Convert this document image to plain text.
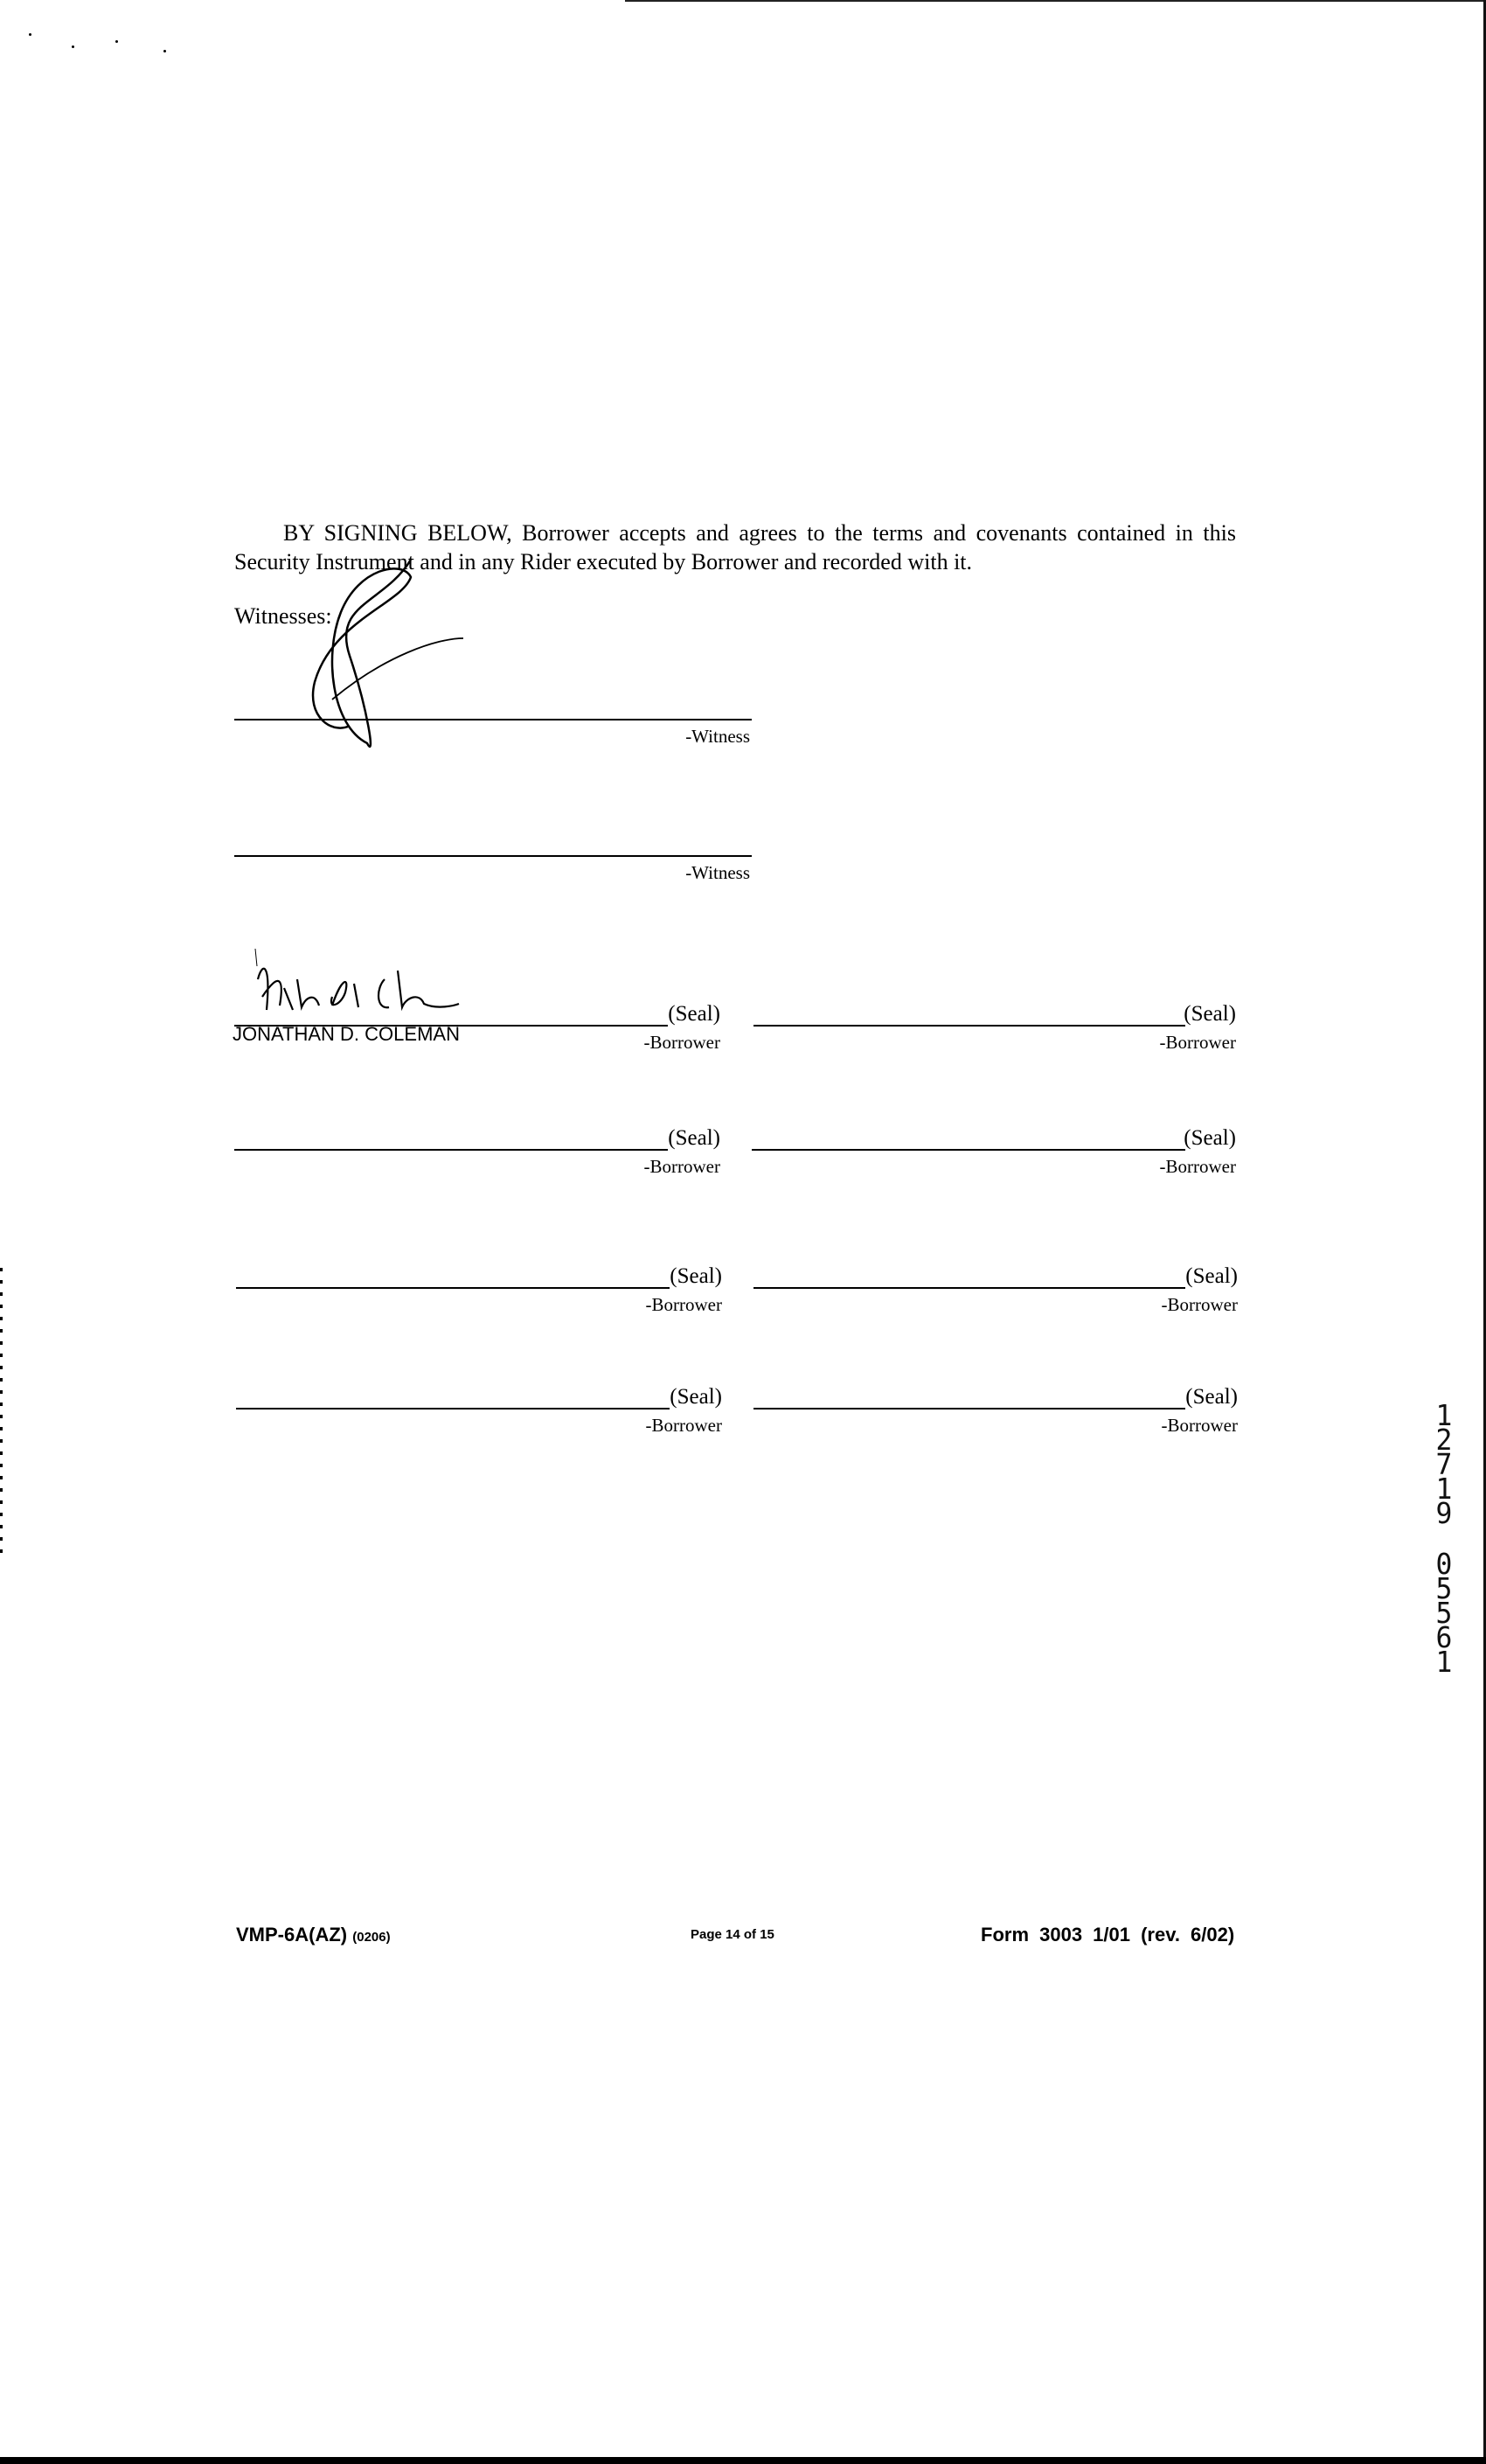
BY SIGNING BELOW, Borrower accepts and agrees to the terms and covenants contained in this Security Instrument and in any Rider executed by Borrower and recorded with it.
Witnesses:
-Witness
-Witness
(Seal)
-Borrower
JONATHAN D. COLEMAN
(Seal)
-Borrower
(Seal)
-Borrower
(Seal)
-Borrower
(Seal)
-Borrower
(Seal)
-Borrower
(Seal)
-Borrower
(Seal)
-Borrower	1
2
7
1
9
0
5
5
6
1
VMP-6A(AZ) (0206)	Page 14 of 15	Form 3003 1/01 (rev. 6/02)
